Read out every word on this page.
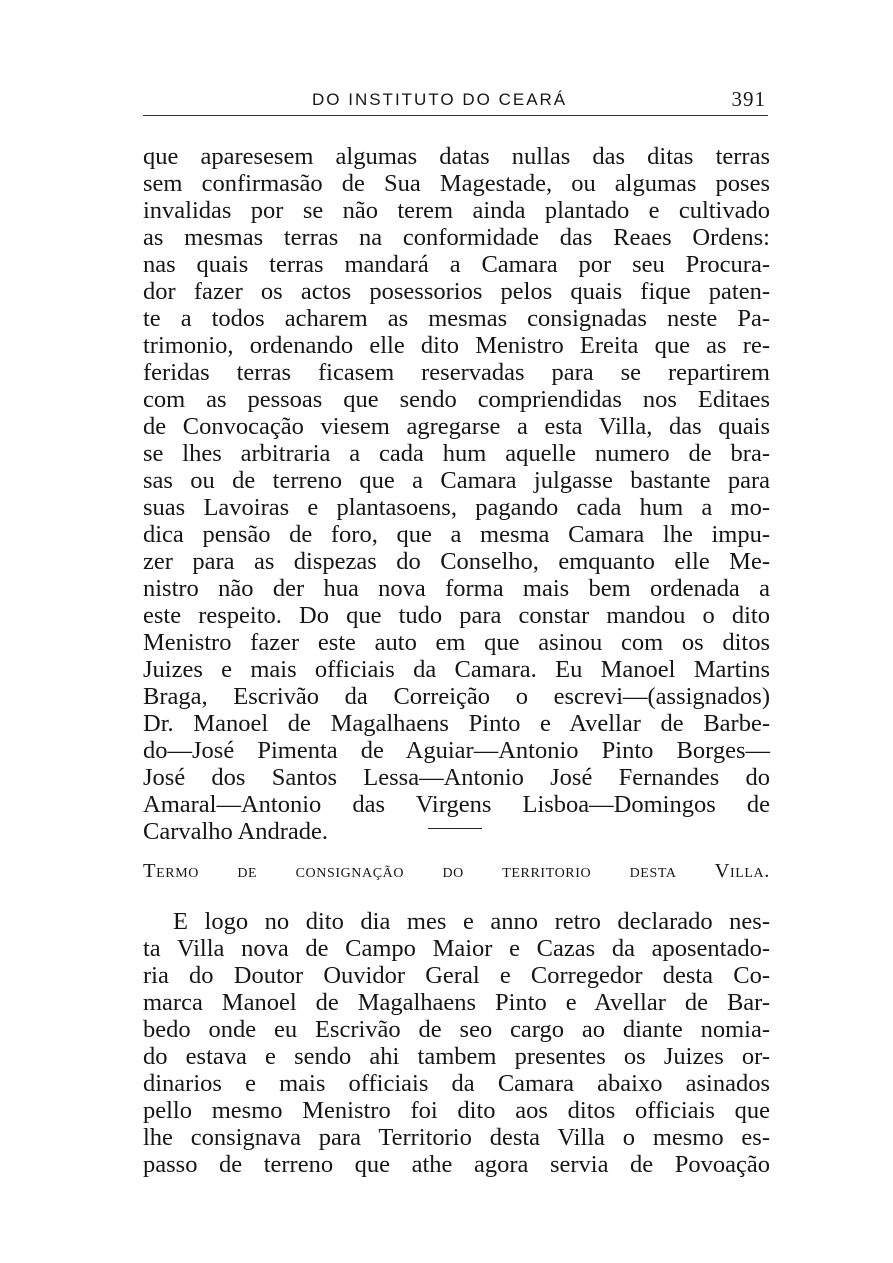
DO INSTITUTO DO CEARÁ	391
que aparesesem algumas datas nullas das ditas terras
sem confirmasão de Sua Magestade, ou algumas poses
invalidas por se não terem ainda plantado e cultivado
as mesmas terras na conformidade das Reaes Ordens:
nas quais terras mandará a Camara por seu Procura-
dor fazer os actos posessorios pelos quais fique paten-
te a todos acharem as mesmas consignadas neste Pa-
trimonio, ordenando elle dito Menistro Ereita que as re-
feridas terras ficasem reservadas para se repartirem
com as pessoas que sendo compriendidas nos Editaes
de Convocação viesem agregarse a esta Villa, das quais
se lhes arbitraria a cada hum aquelle numero de bra-
sas ou de terreno que a Camara julgasse bastante para
suas Lavoiras e plantasoens, pagando cada hum a mo-
dica pensão de foro, que a mesma Camara lhe impu-
zer para as dispezas do Conselho, emquanto elle Me-
nistro não der hua nova forma mais bem ordenada a
este respeito. Do que tudo para constar mandou o dito
Menistro fazer este auto em que asinou com os ditos
Juizes e mais officiais da Camara. Eu Manoel Martins
Braga, Escrivão da Correição o escrevi—(assignados)
Dr. Manoel de Magalhaens Pinto e Avellar de Barbe-
do—José Pimenta de Aguiar—Antonio Pinto Borges—
José dos Santos Lessa—Antonio José Fernandes do
Amaral—Antonio das Virgens Lisboa—Domingos de
Carvalho Andrade.
Termo de consignação do territorio desta Villa.
E logo no dito dia mes e anno retro declarado nes-
ta Villa nova de Campo Maior e Cazas da aposentado-
ria do Doutor Ouvidor Geral e Corregedor desta Co-
marca Manoel de Magalhaens Pinto e Avellar de Bar-
bedo onde eu Escrivão de seo cargo ao diante nomia-
do estava e sendo ahi tambem presentes os Juizes or-
dinarios e mais officiais da Camara abaixo asinados
pello mesmo Menistro foi dito aos ditos officiais que
lhe consignava para Territorio desta Villa o mesmo es-
passo de terreno que athe agora servia de Povoação
